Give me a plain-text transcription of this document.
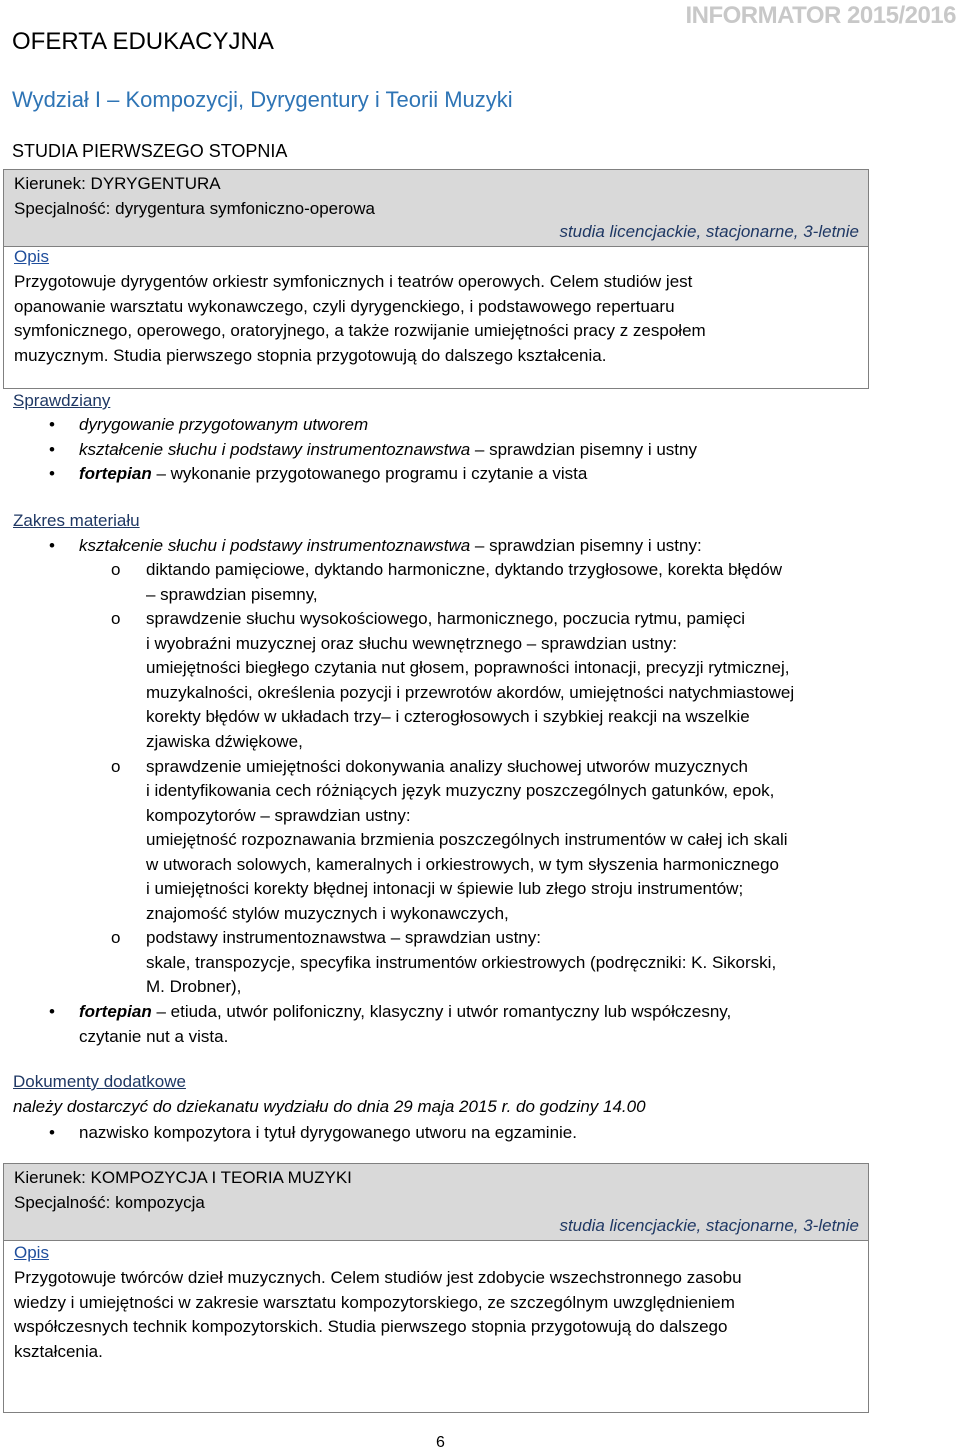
INFORMATOR 2015/2016
OFERTA EDUKACYJNA
Wydział I – Kompozycji, Dyrygentury i Teorii Muzyki
STUDIA PIERWSZEGO STOPNIA
Kierunek: DYRYGENTURA
Specjalność: dyrygentura symfoniczno-operowa
studia licencjackie, stacjonarne, 3-letnie
Opis
Przygotowuje dyrygentów orkiestr symfonicznych i teatrów operowych. Celem studiów jest
opanowanie warsztatu wykonawczego, czyli dyrygenckiego, i podstawowego repertuaru
symfonicznego, operowego, oratoryjnego, a także rozwijanie umiejętności pracy z zespołem
muzycznym. Studia pierwszego stopnia przygotowują do dalszego kształcenia.
Sprawdziany
• dyrygowanie przygotowanym utworem
• kształcenie słuchu i podstawy instrumentoznawstwa – sprawdzian pisemny i ustny
• fortepian – wykonanie przygotowanego programu i czytanie a vista
Zakres materiału
• kształcenie słuchu i podstawy instrumentoznawstwa – sprawdzian pisemny i ustny:
o diktando pamięciowe, dyktando harmoniczne, dyktando trzygłosowe, korekta błędów
– sprawdzian pisemny,
o sprawdzenie słuchu wysokościowego, harmonicznego, poczucia rytmu, pamięci
i wyobraźni muzycznej oraz słuchu wewnętrznego – sprawdzian ustny:
umiejętności biegłego czytania nut głosem, poprawności intonacji, precyzji rytmicznej,
muzykalności, określenia pozycji i przewrotów akordów, umiejętności natychmiastowej
korekty błędów w układach trzy– i czterogłosowych i szybkiej reakcji na wszelkie
zjawiska dźwiękowe,
o sprawdzenie umiejętności dokonywania analizy słuchowej utworów muzycznych
i identyfikowania cech różniących język muzyczny poszczególnych gatunków, epok,
kompozytorów – sprawdzian ustny:
umiejętność rozpoznawania brzmienia poszczególnych instrumentów w całej ich skali
w utworach solowych, kameralnych i orkiestrowych, w tym słyszenia harmonicznego
i umiejętności korekty błędnej intonacji w śpiewie lub złego stroju instrumentów;
znajomość stylów muzycznych i wykonawczych,
o podstawy instrumentoznawstwa – sprawdzian ustny:
skale, transpozycje, specyfika instrumentów orkiestrowych (podręczniki: K. Sikorski,
M. Drobner),
• fortepian – etiuda, utwór polifoniczny, klasyczny i utwór romantyczny lub współczesny,
czytanie nut a vista.
Dokumenty dodatkowe
należy dostarczyć do dziekanatu wydziału do dnia 29 maja 2015 r. do godziny 14.00
• nazwisko kompozytora i tytuł dyrygowanego utworu na egzaminie.
Kierunek: KOMPOZYCJA I TEORIA MUZYKI
Specjalność: kompozycja
studia licencjackie, stacjonarne, 3-letnie
Opis
Przygotowuje twórców dzieł muzycznych. Celem studiów jest zdobycie wszechstronnego zasobu
wiedzy i umiejętności w zakresie warsztatu kompozytorskiego, ze szczególnym uwzględnieniem
współczesnych technik kompozytorskich. Studia pierwszego stopnia przygotowują do dalszego
kształcenia.
6
